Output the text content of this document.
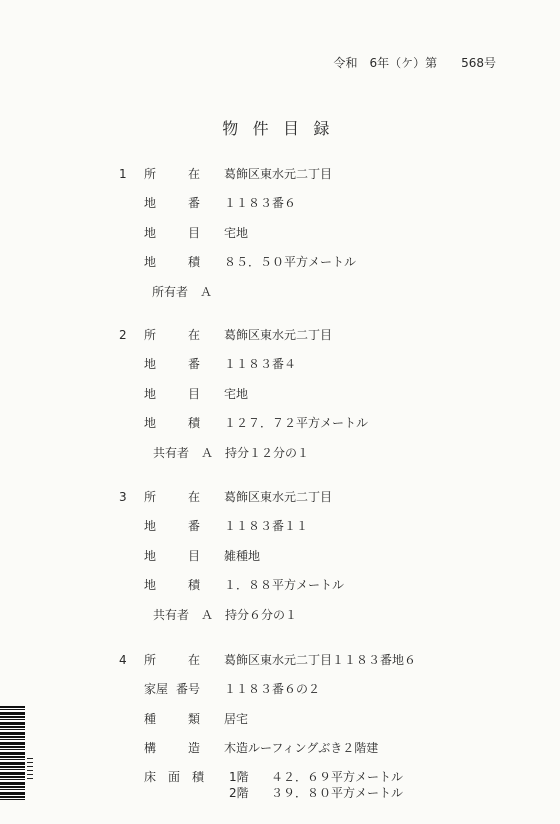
令和　6年（ケ）第　　568号
物件目録
1 所	在 葛飾区東水元二丁目
地	番 １１８３番６
地	目 宅地
地	積 ８５．５０平方メートル
所有者　Ａ
2 所	在 葛飾区東水元二丁目
地	番 １１８３番４
地	目 宅地
地	積 １２７．７２平方メートル
共有者　Ａ　持分１２分の１
3 所	在 葛飾区東水元二丁目
地	番 １１８３番１１
地	目 雑種地
地	積 １．８８平方メートル
共有者　Ａ　持分６分の１
4 所	在 葛飾区東水元二丁目１１８３番地６
家屋 番号 １１８３番６の２
種	類 居宅
構	造 木造ルーフィングぶき２階建
床 面 積 1階 ４２．６９平方メートル
2階 ３９．８０平方メートル
